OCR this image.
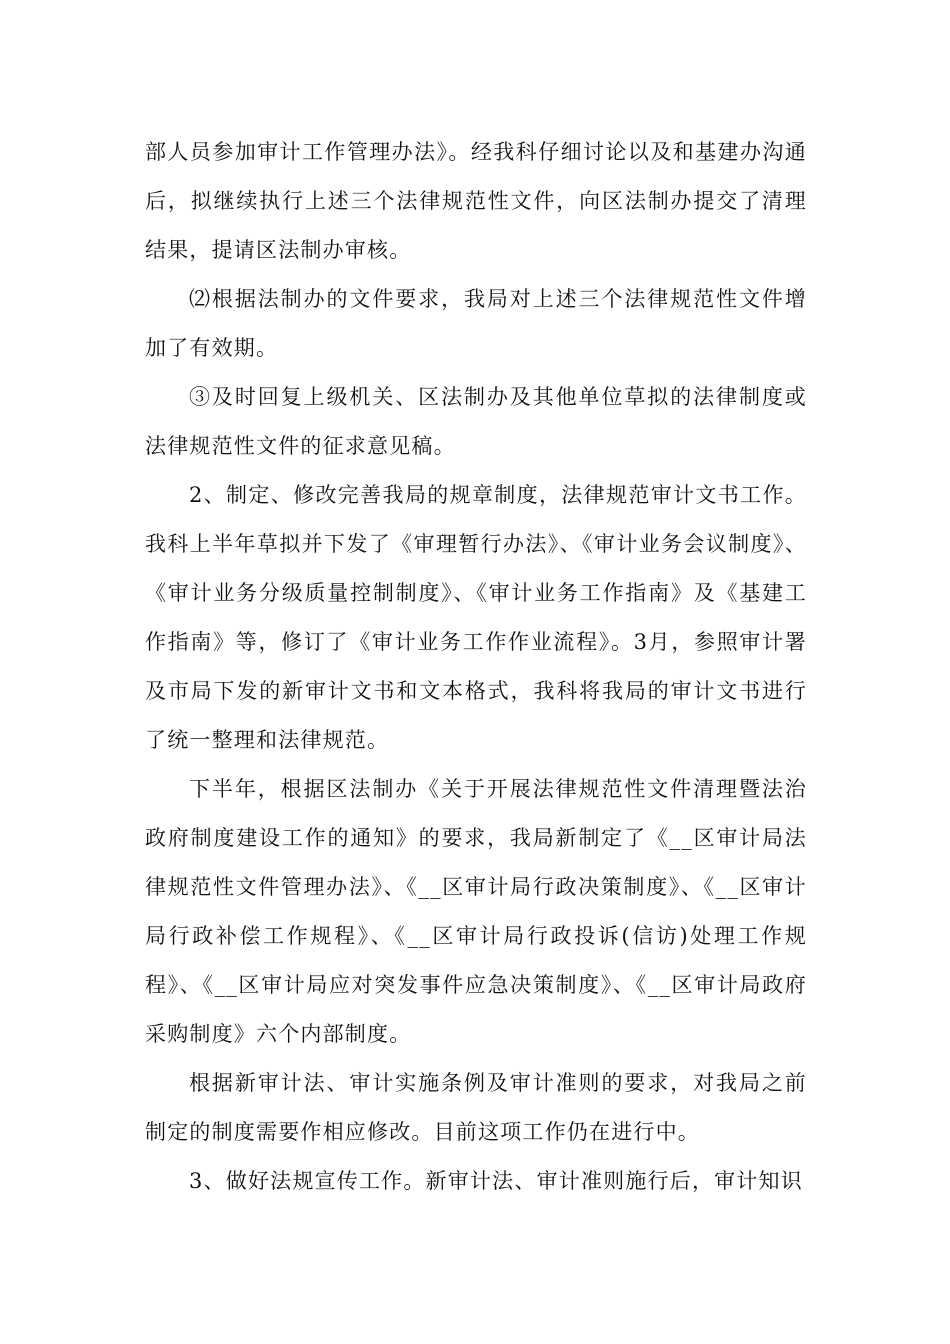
部人员参加审计工作管理办法》。经我科仔细讨论以及和基建办沟通后，拟继续执行上述三个法律规范性文件，向区法制办提交了清理结果，提请区法制办审核。

⑵根据法制办的文件要求，我局对上述三个法律规范性文件增加了有效期。

③及时回复上级机关、区法制办及其他单位草拟的法律制度或法律规范性文件的征求意见稿。

2、制定、修改完善我局的规章制度，法律规范审计文书工作。我科上半年草拟并下发了《审理暂行办法》、《审计业务会议制度》、《审计业务分级质量控制制度》、《审计业务工作指南》及《基建工作指南》等，修订了《审计业务工作作业流程》。3月，参照审计署及市局下发的新审计文书和文本格式，我科将我局的审计文书进行了统一整理和法律规范。

下半年，根据区法制办《关于开展法律规范性文件清理暨法治政府制度建设工作的通知》的要求，我局新制定了《__区审计局法律规范性文件管理办法》、《__区审计局行政决策制度》、《__区审计局行政补偿工作规程》、《__区审计局行政投诉(信访)处理工作规程》、《__区审计局应对突发事件应急决策制度》、《__区审计局政府采购制度》六个内部制度。

根据新审计法、审计实施条例及审计准则的要求，对我局之前制定的制度需要作相应修改。目前这项工作仍在进行中。

3、做好法规宣传工作。新审计法、审计准则施行后，审计知识
